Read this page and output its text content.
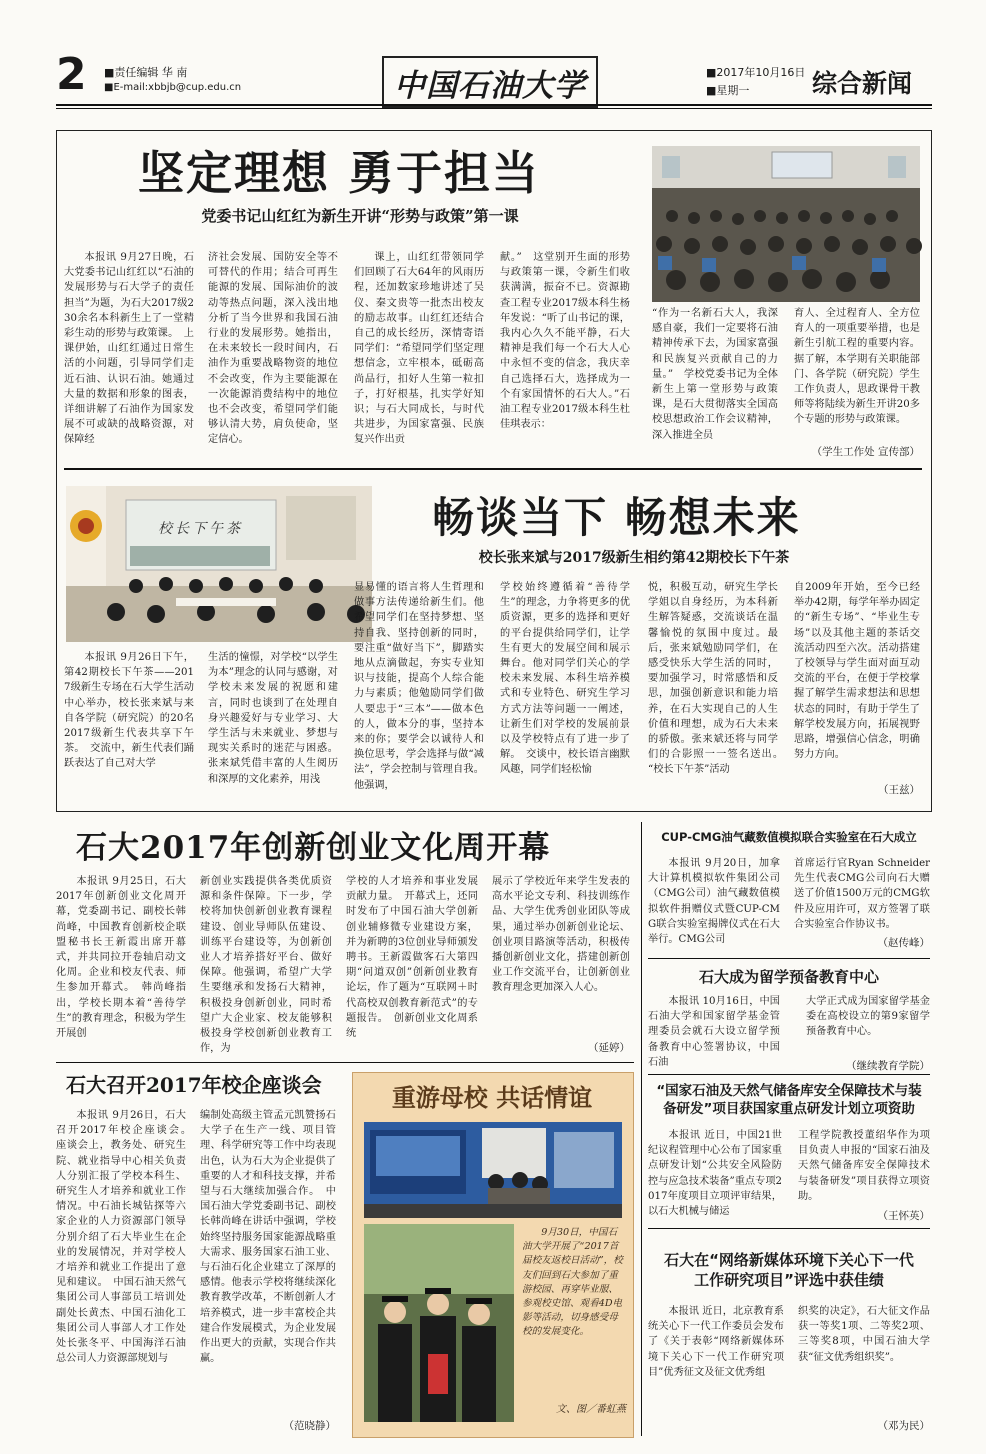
2 ■责任编辑 华 南
■E-mail:xbbjb@cup.edu.cn	中国石油大学	■2017年10月16日
■星期一	综合新闻
坚定理想 勇于担当
党委书记山红红为新生开讲“形势与政策”第一课
本报讯 9月27日晚，石大党委书记山红红以“石油的发展形势与石大学子的责任担当”为题，为石大2017级230余名本科新生上了一堂精彩生动的形势与政策课。　上课伊始，山红红通过日常生活的小问题，引导同学们走近石油、认识石油。她通过大量的数据和形象的图表，详细讲解了石油作为国家发展不可或缺的战略资源，对保障经
济社会发展、国防安全等不可替代的作用；结合可再生能源的发展、国际油价的波动等热点问题，深入浅出地分析了当今世界和我国石油行业的发展形势。她指出，在未来较长一段时间内，石油作为重要战略物资的地位不会改变，作为主要能源在一次能源消费结构中的地位也不会改变，希望同学们能够认清大势，肩负使命，坚定信心。
课上，山红红带领同学们回顾了石大64年的风雨历程，还加数家珍地讲述了吴仪、秦文贵等一批杰出校友的励志故事。山红红还结合自己的成长经历，深情寄语同学们：“希望同学们坚定理想信念，立牢根本，砥砺高尚品行，扣好人生第一粒扣子，打好根基，扎实学好知识；与石大同成长，与时代共进步，为国家富强、民族复兴作出贡
献。”　这堂别开生面的形势与政策第一课，令新生们收获满满，振奋不已。资源勘查工程专业2017级本科生杨年发说：“听了山书记的课，我内心久久不能平静，石大精神是我们每一个石大人心中永恒不变的信念，我庆幸自己选择石大，选择成为一个有家国情怀的石大人。”石油工程专业2017级本科生杜佳琪表示：
“作为一名新石大人，我深感自豪，我们一定要将石油精神传承下去，为国家富强和民族复兴贡献自己的力量。”　学校党委书记为全体新生上第一堂形势与政策课，是石大贯彻落实全国高校思想政治工作会议精神，深入推进全员
育人、全过程育人、全方位育人的一项重要举措，也是新生引航工程的重要内容。据了解，本学期有关职能部门、各学院（研究院）学生工作负责人，思政课骨干教师等将陆续为新生开讲20多个专题的形势与政策课。
（学生工作处 宣传部）
校长下午茶	畅谈当下 畅想未来
校长张来斌与2017级新生相约第42期校长下午茶
本报讯 9月26日下午，第42期校长下午茶——2017级新生专场在石大学生活动中心举办，校长张来斌与来自各学院（研究院）的20名2017级新生代表共享下午茶。　交流中，新生代表们踊跃表达了自己对大学
生活的憧憬，对学校“以学生为本”理念的认同与感谢，对学校未来发展的祝愿和建言，同时也谈到了在处理自身兴趣爱好与专业学习、大学生活与未来就业、梦想与现实关系时的迷茫与困惑。张来斌凭借丰富的人生阅历和深厚的文化素养，用浅
显易懂的语言将人生哲理和做事方法传递给新生们。他希望同学们在坚持梦想、坚持自我、坚持创新的同时，要注重“做好当下”，脚踏实地从点滴做起，夯实专业知识与技能，提高个人综合能力与素质；他勉励同学们做人要忠于“三本”——做本色的人，做本分的事，坚持本来的你；要学会以诚待人和换位思考，学会选择与做“减法”，学会控制与管理自我。他强调，
学校始终遵循着“善待学生”的理念，力争将更多的优质资源，更多的选择和更好的平台提供给同学们，让学生有更大的发展空间和展示舞台。他对同学们关心的学校未来发展、本科生培养模式和专业特色、研究生学习方式方法等问题一一阐述，让新生们对学校的发展前景以及学校特点有了进一步了解。　交谈中，校长语言幽默风趣，同学们轻松愉
悦，积极互动，研究生学长学姐以自身经历，为本科新生解答疑惑，交流谈话在温馨愉悦的氛围中度过。最后，张来斌勉励同学们，在感受快乐大学生活的同时，要加强学习，时常感悟和反思，加强创新意识和能力培养，在石大实现自己的人生价值和理想，成为石大未来的骄傲。张来斌还将与同学们的合影照一一签名送出。　“校长下午茶”活动
自2009年开始，至今已经举办42期，每学年举办固定的“新生专场”、“毕业生专场”以及其他主题的茶话交流活动四至六次。活动搭建了校领导与学生面对面互动交流的平台，在便于学校掌握了解学生需求想法和思想状态的同时，有助于学生了解学校发展方向，拓展视野思路，增强信心信念，明确努力方向。
（王兹）
石大2017年创新创业文化周开幕
本报讯 9月25日，石大2017年创新创业文化周开幕，党委副书记、副校长韩尚峰，中国教育创新校企联盟秘书长王新霞出席开幕式，并共同拉开卷轴启动文化周。企业和校友代表、师生参加开幕式。　韩尚峰指出，学校长期本着“善待学生”的教育理念，积极为学生开展创
新创业实践提供各类优质资源和条件保障。下一步，学校将加快创新创业教育课程建设、创业导师队伍建设、训练平台建设等，为创新创业人才培养搭好平台、做好保障。他强调，希望广大学生要继承和发扬石大精神，积极投身创新创业，同时希望广大企业家、校友能够积极投身学校创新创业教育工作，为
学校的人才培养和事业发展贡献力量。　开幕式上，还同时发布了中国石油大学创新创业辅修微专业建设方案，并为新聘的3位创业导师颁发聘书。王新霞做客石大第四期“问道双创”创新创业教育论坛，作了题为“互联网＋时代高校双创教育新范式”的专题报告。　创新创业文化周系统
展示了学校近年来学生发表的高水平论文专利、科技训练作品、大学生优秀创业团队等成果，通过举办创新创业论坛、创业项目路演等活动，积极传播创新创业文化，搭建创新创业工作交流平台，让创新创业教育理念更加深入人心。
（延婷）
石大召开2017年校企座谈会
本报讯 9月26日，石大召开2017年校企座谈会。　座谈会上，教务处、研究生院、就业指导中心相关负责人分别汇报了学校本科生、研究生人才培养和就业工作情况。中石油长城钻探等六家企业的人力资源部门领导分别介绍了石大毕业生在企业的发展情况，并对学校人才培养和就业工作提出了意见和建议。　中国石油天然气集团公司人事部员工培训处副处长黄杰、中国石油化工集团公司人事部人才工作处处长张冬平、中国海洋石油总公司人力资源部规划与
编制处高级主管孟元凯赞扬石大学子在生产一线、项目管理、科学研究等工作中均表现出色，认为石大为企业提供了重要的人才和科技支撑，并希望与石大继续加强合作。　中国石油大学党委副书记、副校长韩尚峰在讲话中强调，学校始终坚持服务国家能源战略重大需求、服务国家石油工业、与石油石化企业建立了深厚的感情。他表示学校将继续深化教育教学改革，不断创新人才培养模式，进一步丰富校企共建合作发展模式，为企业发展作出更大的贡献，实现合作共赢。
（范晓静）
重游母校 共话情谊
9月30日，中国石油大学开展了“2017首届校友返校日活动”，校友们回到石大参加了重游校园、再穿毕业服、参观校史馆、观看4D电影等活动，切身感受母校的发展变化。
文、图／番虹燕
CUP-CMG油气藏数值模拟联合实验室在石大成立
本报讯 9月20日，加拿大计算机模拟软件集团公司（CMG公司）油气藏数值模拟软件捐赠仪式暨CUP-CMG联合实验室揭牌仪式在石大举行。CMG公司
首席运行官Ryan Schneider先生代表CMG公司向石大赠送了价值1500万元的CMG软件及应用许可，双方签署了联合实验室合作协议书。
（赵传峰）
石大成为留学预备教育中心
本报讯 10月16日，中国石油大学和国家留学基金管理委员会就石大设立留学预备教育中心签署协议，中国石油
大学正式成为国家留学基金委在高校设立的第9家留学预备教育中心。
（继续教育学院）
“国家石油及天然气储备库安全保障技术与装备研发”项目获国家重点研发计划立项资助
本报讯 近日，中国21世纪议程管理中心公布了国家重点研发计划“公共安全风险防控与应急技术装备”重点专项2017年度项目立项评审结果，以石大机械与储运
工程学院教授董绍华作为项目负责人申报的“国家石油及天然气储备库安全保障技术与装备研发”项目获得立项资助。
（王怀英）
石大在“网络新媒体环境下关心下一代工作研究项目”评选中获佳绩
本报讯 近日，北京教育系统关心下一代工作委员会发布了《关于表彰“网络新媒体环境下关心下一代工作研究项目”优秀征文及征文优秀组
织奖的决定》，石大征文作品获一等奖1项、二等奖2项、三等奖8项，中国石油大学获“征文优秀组织奖”。
（邓为民）
